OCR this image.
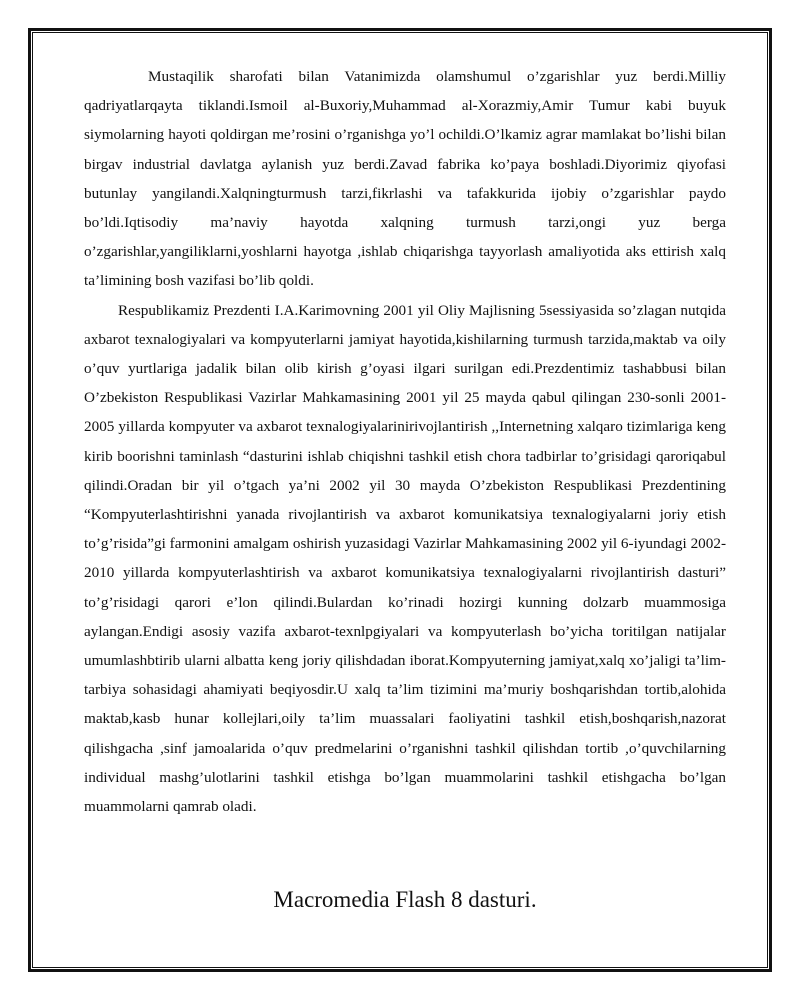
Mustaqilik sharofati bilan Vatanimizda olamshumul o’zgarishlar yuz berdi.Milliy qadriyatlarqayta tiklandi.Ismoil al-Buxoriy,Muhammad al-Xorazmiy,Amir Tumur kabi buyuk siymolarning hayoti qoldirgan me’rosini o’rganishga yo’l ochildi.O’lkamiz agrar mamlakat bo’lishi bilan birgav industrial davlatga aylanish yuz berdi.Zavad fabrika ko’paya boshladi.Diyorimiz qiyofasi butunlay yangilandi.Xalqningturmush tarzi,fikrlashi va tafakkurida ijobiy o’zgarishlar paydo bo’ldi.Iqtisodiy ma’naviy hayotda xalqning turmush tarzi,ongi yuz berga o’zgarishlar,yangiliklarni,yoshlarni hayotga ,ishlab chiqarishga tayyorlash amaliyotida aks ettirish xalq ta’limining bosh vazifasi bo’lib qoldi.

Respublikamiz Prezdenti I.A.Karimovning 2001 yil Oliy Majlisning 5sessiyasida so’zlagan nutqida axbarot texnalogiyalari va kompyuterlarni jamiyat hayotida,kishilarning turmush tarzida,maktab va oily o’quv yurtlariga jadalik bilan olib kirish g’oyasi ilgari surilgan edi.Prezdentimiz tashabbusi bilan O’zbekiston Respublikasi Vazirlar Mahkamasining 2001 yil 25 mayda qabul qilingan 230-sonli 2001-2005 yillarda kompyuter va axbarot texnalogiyalarinirivojlantirish ,,Internetning xalqaro tizimlariga keng kirib boorishni taminlash “dasturini ishlab chiqishni tashkil etish chora tadbirlar to’grisidagi qaroriqabul qilindi.Oradan bir yil o’tgach ya’ni 2002 yil 30 mayda O’zbekiston Respublikasi Prezdentining “Kompyuterlashtirishni yanada rivojlantirish va axbarot komunikatsiya texnalogiyalarni joriy etish to’g’risida”gi farmonini amalgam oshirish yuzasidagi Vazirlar Mahkamasining 2002 yil 6-iyundagi 2002-2010 yillarda kompyuterlashtirish va axbarot komunikatsiya texnalogiyalarni rivojlantirish dasturi” to’g’risidagi qarori e’lon qilindi.Bulardan ko’rinadi hozirgi kunning dolzarb muammosiga aylangan.Endigi asosiy vazifa axbarot-texnlpgiyalari va kompyuterlash bo’yicha toritilgan natijalar umumlashbtirib ularni albatta keng joriy qilishdadan iborat.Kompyuterning jamiyat,xalq xo’jaligi ta’lim-tarbiya sohasidagi ahamiyati beqiyosdir.U xalq ta’lim tizimini ma’muriy boshqarishdan tortib,alohida maktab,kasb hunar kollejlari,oily ta’lim muassalari faoliyatini tashkil etish,boshqarish,nazorat qilishgacha ,sinf jamoalarida o’quv predmelarini o’rganishni tashkil qilishdan tortib ,o’quvchilarning individual mashg’ulotlarini tashkil etishga bo’lgan muammolarini tashkil etishgacha bo’lgan muammolarni qamrab oladi.

Macromedia Flash 8 dasturi.
